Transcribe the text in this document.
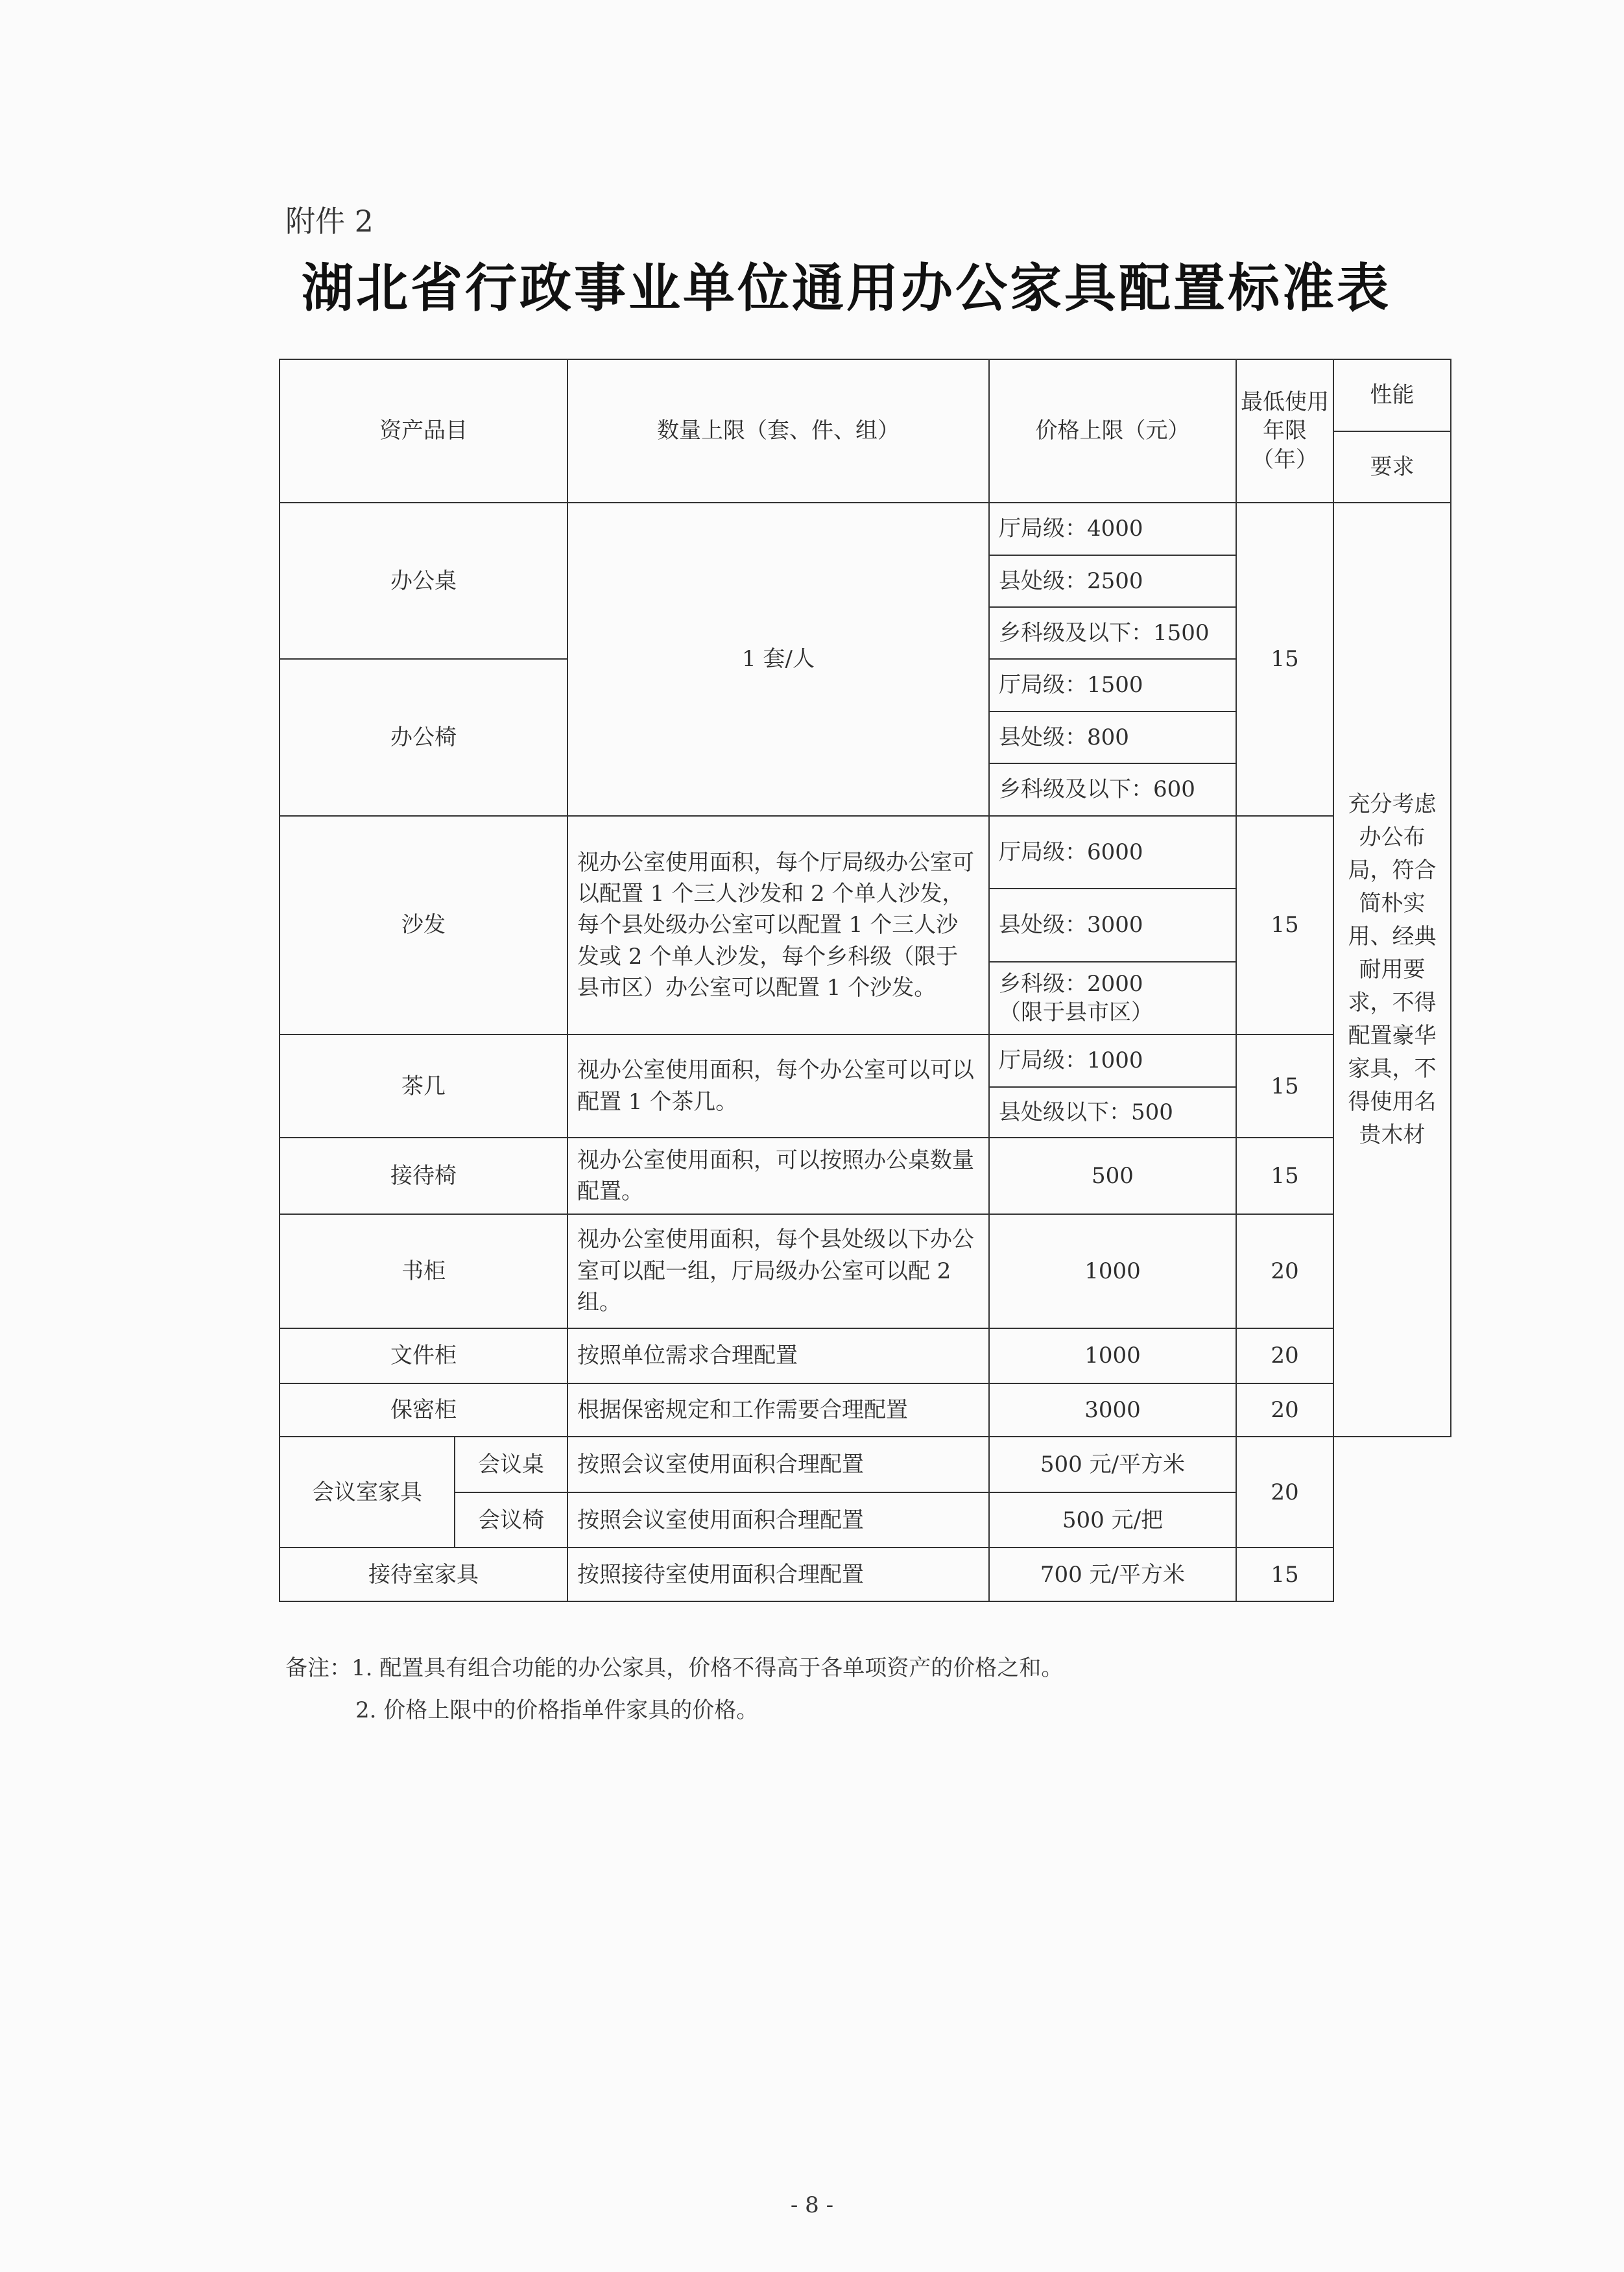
附件 2
湖北省行政事业单位通用办公家具配置标准表
资产品目		数量上限（套、件、组）	价格上限（元）	最低使用年限（年）	性能
					要求
办公桌		1 套/人	厅局级：4000	15	充分考虑办公布局，符合简朴实用、经典耐用要求，不得配置豪华家具，不得使用名贵木材
			县处级：2500		
			乡科级及以下：1500		
办公椅			厅局级：1500		
			县处级：800		
			乡科级及以下：600		
沙发		视办公室使用面积，每个厅局级办公室可以配置 1 个三人沙发和 2 个单人沙发，每个县处级办公室可以配置 1 个三人沙发或 2 个单人沙发，每个乡科级（限于县市区）办公室可以配置 1 个沙发。	厅局级：6000	15	
			县处级：3000		
			乡科级：2000
（限于县市区）		
茶几		视办公室使用面积，每个办公室可以可以配置 1 个茶几。	厅局级：1000	15	
			县处级以下：500		
接待椅		视办公室使用面积，可以按照办公桌数量配置。	500	15	
书柜		视办公室使用面积，每个县处级以下办公室可以配一组，厅局级办公室可以配 2 组。	1000	20	
文件柜		按照单位需求合理配置	1000	20	
保密柜		根据保密规定和工作需要合理配置	3000	20	
会议室家具	会议桌	按照会议室使用面积合理配置	500 元/平方米	20	
	会议椅	按照会议室使用面积合理配置	500 元/把		
接待室家具		按照接待室使用面积合理配置	700 元/平方米	15	
备注：1. 配置具有组合功能的办公家具，价格不得高于各单项资产的价格之和。
2. 价格上限中的价格指单件家具的价格。
- 8 -
